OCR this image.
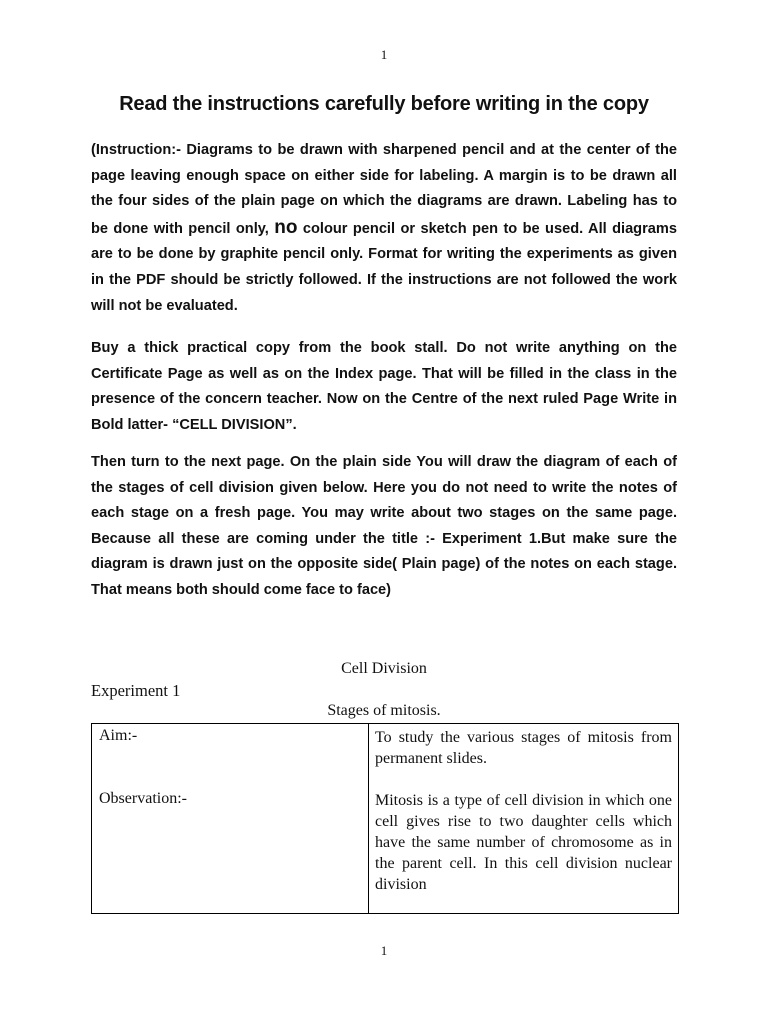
1
Read the instructions carefully before writing in the copy

(Instruction:- Diagrams to be drawn with sharpened pencil and at the center of the page leaving enough space on either side for labeling. A margin is to be drawn all the four sides of the plain page on which the diagrams are drawn. Labeling has to be done with pencil only, no colour pencil or sketch pen to be used. All diagrams are to be done by graphite pencil only. Format for writing the experiments as given in the PDF should be strictly followed. If the instructions are not followed the work will not be evaluated.

Buy a thick practical copy from the book stall. Do not write anything on the Certificate Page as well as on the Index page. That will be filled in the class in the presence of the concern teacher. Now on the Centre of the next ruled Page Write in Bold latter- “CELL DIVISION”.

Then turn to the next page. On the plain side You will draw the diagram of each of the stages of cell division given below. Here you do not need to write the notes of each stage on a fresh page. You may write about two stages on the same page. Because all these are coming under the title :- Experiment 1.But make sure the diagram is drawn just on the opposite side( Plain page) of the notes on each stage. That means both should come face to face)

Cell Division
Experiment 1
Stages of mitosis.
Aim:-	To study the various stages of mitosis from permanent slides.

Observation:-	Mitosis is a type of cell division in which one cell gives rise to two daughter cells which have the same number of chromosome as in the parent cell. In this cell division nuclear division

1
